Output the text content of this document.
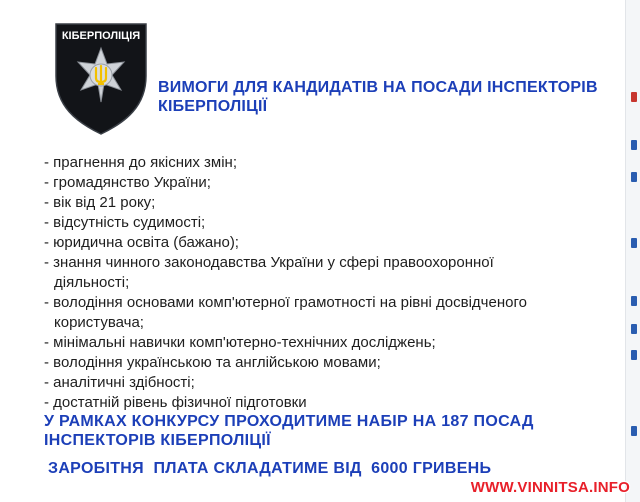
КІБЕРПОЛІЦІЯ
ВИМОГИ ДЛЯ КАНДИДАТІВ НА ПОСАДИ ІНСПЕКТОРІВ
КІБЕРПОЛІЦІЇ
- прагнення до якісних змін;
- громадянство України;
- вік від 21 року;
- відсутність судимості;
- юридична освіта (бажано);
- знання чинного законодавства України у сфері правоохоронної
діяльності;
- володіння основами комп'ютерної грамотності на рівні досвідченого
користувача;
- мінімальні навички комп'ютерно-технічних досліджень;
- володіння українською та англійською мовами;
- аналітичні здібності;
- достатній рівень фізичної підготовки
У РАМКАХ КОНКУРСУ ПРОХОДИТИМЕ НАБІР НА 187 ПОСАД
ІНСПЕКТОРІВ КІБЕРПОЛІЦІЇ
ЗАРОБІТНЯ  ПЛАТА СКЛАДАТИМЕ ВІД  6000 ГРИВЕНЬ
WWW.VINNITSA.INFO
